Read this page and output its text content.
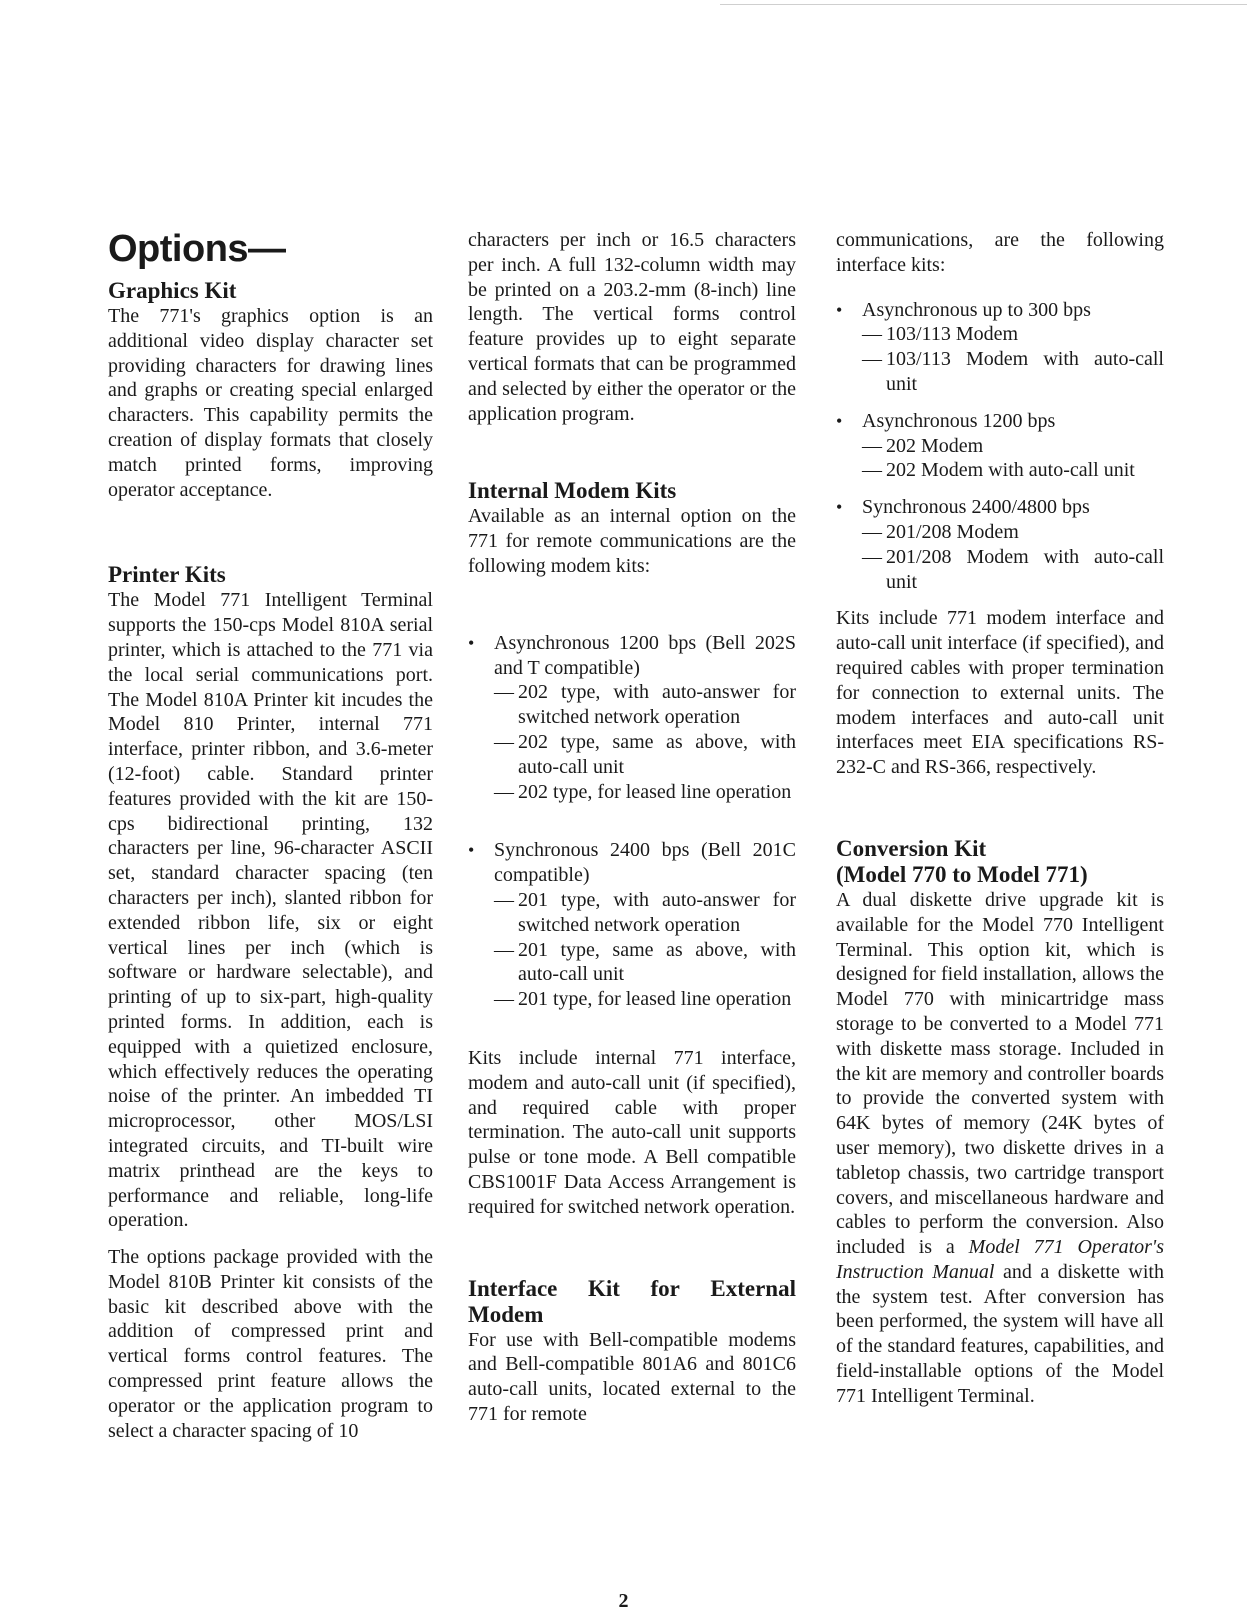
Options—
Graphics Kit

The 771's graphics option is an additional video display character set providing characters for drawing lines and graphs or creating special enlarged characters. This capability permits the creation of display formats that closely match printed forms, improving operator acceptance.

Printer Kits

The Model 771 Intelligent Terminal supports the 150-cps Model 810A serial printer, which is attached to the 771 via the local serial communications port. The Model 810A Printer kit incudes the Model 810 Printer, internal 771 interface, printer ribbon, and 3.6-meter (12-foot) cable. Standard printer features provided with the kit are 150-cps bidirectional printing, 132 characters per line, 96-character ASCII set, standard character spacing (ten characters per inch), slanted ribbon for extended ribbon life, six or eight vertical lines per inch (which is software or hardware selectable), and printing of up to six-part, high-quality printed forms. In addition, each is equipped with a quietized enclosure, which effectively reduces the operating noise of the printer. An imbedded TI microprocessor, other MOS/LSI integrated circuits, and TI-built wire matrix printhead are the keys to performance and reliable, long-life operation.

The options package provided with the Model 810B Printer kit consists of the basic kit described above with the addition of compressed print and vertical forms control features. The compressed print feature allows the operator or the application program to select a character spacing of 10

characters per inch or 16.5 characters per inch. A full 132-column width may be printed on a 203.2-mm (8-inch) line length. The vertical forms control feature provides up to eight separate vertical formats that can be programmed and selected by either the operator or the application program.

Internal Modem Kits

Available as an internal option on the 771 for remote communications are the following modem kits:

• Asynchronous 1200 bps (Bell 202S and T compatible)

— 202 type, with auto-answer for switched network operation
— 202 type, same as above, with auto-call unit
— 202 type, for leased line operation
• Synchronous 2400 bps (Bell 201C compatible)

— 201 type, with auto-answer for switched network operation
— 201 type, same as above, with auto-call unit
— 201 type, for leased line operation

Kits include internal 771 interface, modem and auto-call unit (if specified), and required cable with proper termination. The auto-call unit supports pulse or tone mode. A Bell compatible CBS1001F Data Access Arrangement is required for switched network operation.

Interface Kit for External
Modem

For use with Bell-compatible modems and Bell-compatible 801A6 and 801C6 auto-call units, located external to the 771 for remote

communications, are the following interface kits:

• Asynchronous up to 300 bps

— 103/113 Modem
— 103/113 Modem with auto-call unit
• Asynchronous 1200 bps

— 202 Modem
— 202 Modem with auto-call unit
• Synchronous 2400/4800 bps

— 201/208 Modem
— 201/208 Modem with auto-call unit

Kits include 771 modem interface and auto-call unit interface (if specified), and required cables with proper termination for connection to external units. The modem interfaces and auto-call unit interfaces meet EIA specifications RS-232-C and RS-366, respectively.

Conversion Kit
(Model 770 to Model 771)

A dual diskette drive upgrade kit is available for the Model 770 Intelligent Terminal. This option kit, which is designed for field installation, allows the Model 770 with minicartridge mass storage to be converted to a Model 771 with diskette mass storage. Included in the kit are memory and controller boards to provide the converted system with 64K bytes of memory (24K bytes of user memory), two diskette drives in a tabletop chassis, two cartridge transport covers, and miscellaneous hardware and cables to perform the conversion. Also included is a Model 771 Operator's Instruction Manual and a diskette with the system test. After conversion has been performed, the system will have all of the standard features, capabilities, and field-installable options of the Model 771 Intelligent Terminal.

2
